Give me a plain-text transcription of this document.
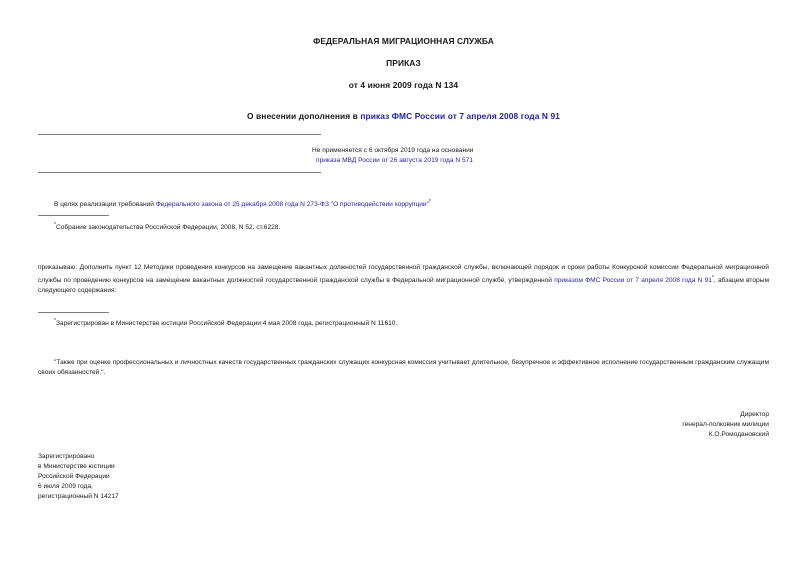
ФЕДЕРАЛЬНАЯ МИГРАЦИОННАЯ СЛУЖБА
ПРИКАЗ
от 4 июня 2009 года N 134
О внесении дополнения в приказ ФМС России от 7 апреля 2008 года N 91
Не применяется с 6 октября 2019 года на основании
приказа МВД России от 26 августа 2019 года N 571
В целях реализации требований Федерального закона от 25 декабря 2008 года N 273-ФЗ "О противодействии коррупции"*
*Собрание законодательства Российской Федерации, 2008, N 52, ст.6228.
приказываю: Дополнить пункт 12 Методики проведения конкурсов на замещение вакантных должностей государственной гражданской службы, включающей порядок и сроки работы Конкурсной комиссии Федеральной миграционной службы по проведению конкурсов на замещение вакантных должностей государственной гражданской службы в Федеральной миграционной службе, утвержденной приказом ФМС России от 7 апреля 2008 года N 91*, абзацем вторым следующего содержания:
*Зарегистрирован в Министерстве юстиции Российской Федерации 4 мая 2008 года, регистрационный N 11610.
"Также при оценке профессиональных и личностных качеств государственных гражданских служащих конкурсная комиссия учитывает длительное, безупречное и эффективное исполнение государственным гражданским служащим своих обязанностей.".
Директор
генерал-полковник милиции
К.О.Ромодановский
Зарегистрировано
в Министерстве юстиции
Российской Федерации
6 июля 2009 года,
регистрационный N 14217
